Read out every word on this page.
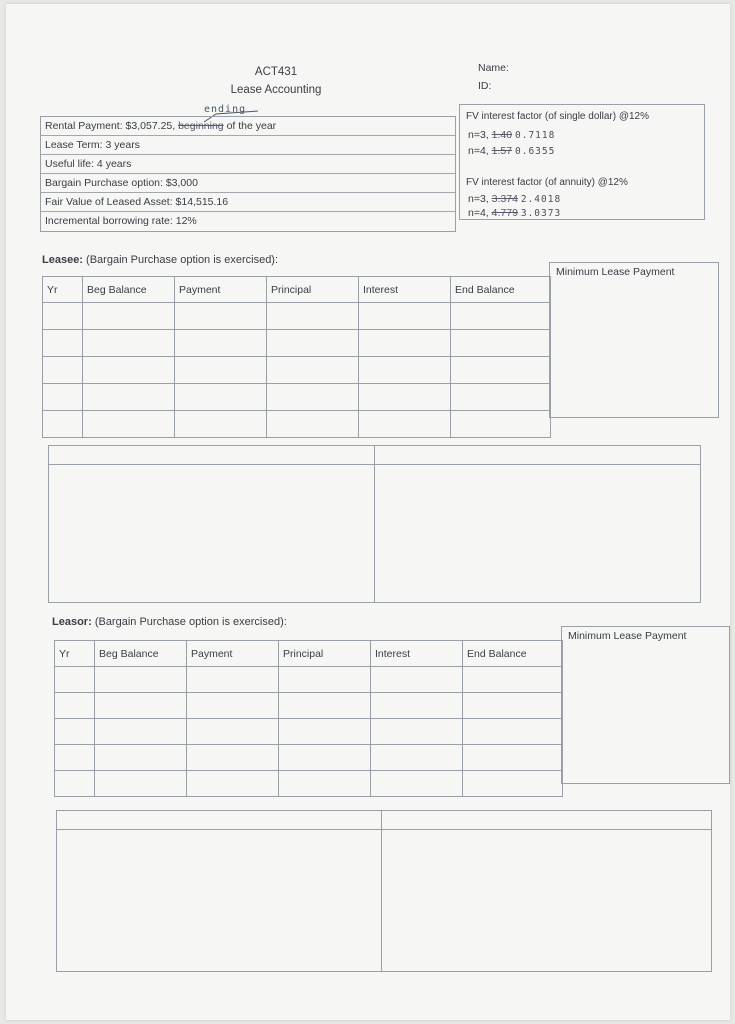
ACT431
Lease Accounting
Name:
ID:
ending
Rental Payment: $3,057.25, beginning of the year
Lease Term: 3 years
Useful life: 4 years
Bargain Purchase option: $3,000
Fair Value of Leased Asset: $14,515.16
Incremental borrowing rate: 12%
FV interest factor (of single dollar) @12%
n=3, 1.40 0.7118
n=4, 1.57 0.6355
FV interest factor (of annuity) @12%
n=3, 3.374 2.4018
n=4, 4.779 3.0373
Leasee: (Bargain Purchase option is exercised):
Yr	Beg Balance	Payment	Principal	Interest	End Balance

Minimum Lease Payment
Leasor: (Bargain Purchase option is exercised):
Yr	Beg Balance	Payment	Principal	Interest	End Balance

Minimum Lease Payment
